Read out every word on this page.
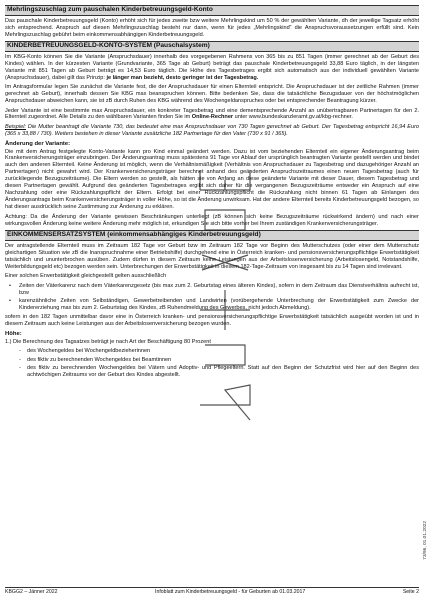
Mehrlingszuschlag zum pauschalen Kinderbetreuungsgeld-Konto

Das pauschale Kinderbetreuungsgeld (Konto) erhöht sich für jedes zweite bzw weitere Mehrlingskind um 50 % der gewählten Variante, dh der jeweilige Tagsatz erhöht sich entsprechend. Anspruch auf diesen Mehrlingszuschlag besteht nur dann, wenn für jedes „Mehrlingskind“ die Anspruchsvoraussetzungen erfüllt sind. Kein Mehrlingszuschlag gebührt beim einkommensabhängigen Kinderbetreuungsgeld.

KINDERBETREUUNGSGELD-KONTO-SYSTEM (Pauschalsystem)

Im KBG-Konto können Sie die Variante (Anspruchsdauer) innerhalb des vorgegebenen Rahmens von 365 bis zu 851 Tagen (immer gerechnet ab der Geburt des Kindes) wählen. In der kürzesten Variante (Grundvariante, 365 Tage ab Geburt) beträgt das pauschale Kinderbetreuungsgeld 33,88 Euro täglich, in der längsten Variante mit 851 Tagen ab Geburt beträgt es 14,53 Euro täglich. Die Höhe des Tagesbetrages ergibt sich automatisch aus der individuell gewählten Variante (Anspruchsdauer), dabei gilt das Prinzip: je länger man bezieht, desto geringer ist der Tagesbetrag.

Im Antragsformular legen Sie zunächst die Variante fest, die der Anspruchsdauer für einen Elternteil entspricht. Die Anspruchsdauer ist der zeitliche Rahmen (immer gerechnet ab Geburt), innerhalb dessen Sie KBG max beanspruchen können. Bitte bedenken Sie, dass die tatsächliche Bezugsdauer von der höchstmöglichen Anspruchsdauer abweichen kann, sie ist zB durch Ruhen des KBG während des Wochengeldanspruches oder bei entsprechender Beantragung kürzer.

Jeder Variante ist eine bestimmte max Anspruchsdauer, ein konkreter Tagesbetrag und eine dementsprechende Anzahl an unübertragbaren Partnertagen für den 2. Elternteil zugeordnet. Alle Details zu den wählbaren Varianten finden Sie im Online-Rechner unter www.bundeskanzleramt.gv.at/kbg-rechner.

Beispiel: Die Mutter beantragt die Variante 730, das bedeutet eine max Anspruchsdauer von 730 Tagen gerechnet ab Geburt. Der Tagesbetrag entspricht 16,94 Euro (365 x 33,88 / 730). Weiters bestehen in dieser Variante zusätzliche 182 Partnertage für den Vater (730 x 91 / 365).

Änderung der Variante:

Die mit dem Antrag festgelegte Konto-Variante kann pro Kind einmal geändert werden. Dazu ist vom beziehenden Elternteil ein eigener Änderungsantrag beim Krankenversicherungsträger einzubringen. Der Änderungsantrag muss spätestens 91 Tage vor Ablauf der ursprünglich beantragten Variante gestellt werden und bindet auch den anderen Elternteil. Keine Änderung ist möglich, wenn die Verhältnismäßigkeit (Verhältnis von Anspruchsdauer zu Tagesbetrag und dazugehöriger Anzahl an Partnertagen) nicht gewahrt wird. Der Krankenversicherungsträger berechnet anhand des geänderten Anspruchszeitraumes einen neuen Tagesbetrag (auch für zurückliegende Bezugszeiträume). Die Eltern werden so gestellt, als hätten sie von Anfang an diese geänderte Variante mit dieser Dauer, diesem Tagesbetrag und diesen Partnertagen gewählt. Aufgrund des geänderten Tagesbetrages ergibt sich daher für die vergangenen Bezugszeiträume entweder ein Anspruch auf eine Nachzahlung oder eine Rückzahlungspflicht der Eltern. Erfolgt bei einer Rückzahlungspflicht die Rückzahlung nicht binnen 61 Tagen ab Einlangen des Änderungsantrags beim Krankenversicherungsträger in voller Höhe, so ist die Änderung unwirksam. Hat der andere Elternteil bereits Kinderbetreuungsgeld bezogen, so hat dieser ausdrücklich seine Zustimmung zur Änderung zu erklären.

Achtung: Da die Änderung der Variante gewissen Beschränkungen unterliegt (zB können sich keine Bezugszeiträume rückwirkend ändern) und nach einer wirkungsvollen Änderung keine weitere Änderung mehr möglich ist, erkundigen Sie sich bitte vorher bei Ihrem zuständigen Krankenversicherungsträger.

EINKOMMENSERSATZSYSTEM (einkommensabhängiges Kinderbetreuungsgeld)

Der antragstellende Elternteil muss im Zeitraum 182 Tage vor Geburt bzw im Zeitraum 182 Tage vor Beginn des Mutterschutzes (oder einer dem Mutterschutz gleichartigen Situation wie zB die Inanspruchnahme einer Betriebshilfe) durchgehend eine in Österreich kranken- und pensionsversicherungspflichtige Erwerbstätigkeit tatsächlich und ununterbrochen ausüben. Zudem dürfen in diesem Zeitraum keine Leistungen aus der Arbeitslosenversicherung (Arbeitslosengeld, Notstandshilfe, Weiterbildungsgeld etc) bezogen werden sein. Unterbrechungen der Erwerbstätigkeit in diesem 182-Tage-Zeitraum von insgesamt bis zu 14 Tagen sind irrelevant.

Einer solchen Erwerbstätigkeit gleichgestellt gelten ausschließlich

• Zeiten der Väterkarenz nach dem Väterkarenzgesetz (bis max zum 2. Geburtstag eines älteren Kindes), sofern in dem Zeitraum das Dienstverhältnis aufrecht ist, bzw
• karenzähnliche Zeiten von Selbständigen, Gewerbetreibenden und Landwirten (vorübergehende Unterbrechung der Erwerbstätigkeit zum Zwecke der Kindererziehung max bis zum 2. Geburtstag des Kindes, zB Ruhendmeldung des Gewerbes, nicht jedoch Abmeldung).

sofern in den 182 Tagen unmittelbar davor eine in Österreich kranken- und pensionsversicherungspflichtige Erwerbstätigkeit tatsächlich ausgeübt worden ist und in diesem Zeitraum auch keine Leistungen aus der Arbeitslosenversicherung bezogen wurden.

Höhe:

1.) Die Berechnung des Tagsatzes beträgt je nach Art der Beschäftigung 80 Prozent

- des Wochengeldes bei Wochengeldbezieherinnen
- des fiktiv zu berechnenden Wochengeldes bei Beamtinnen
- des fiktiv zu berechnenden Wochengeldes bei Vätern und Adoptiv- und Pflegeeltern. Statt auf den Beginn der Schutzfrist wird hier auf den Beginn des achtwöchigen Zeitraums vor der Geburt des Kindes abgestellt.
73/96, 01.01.2022
KBGG2 – Jänner 2022	Infoblatt zum Kinderbetreuungsgeld - für Geburten ab 01.03.2017	Seite 2
